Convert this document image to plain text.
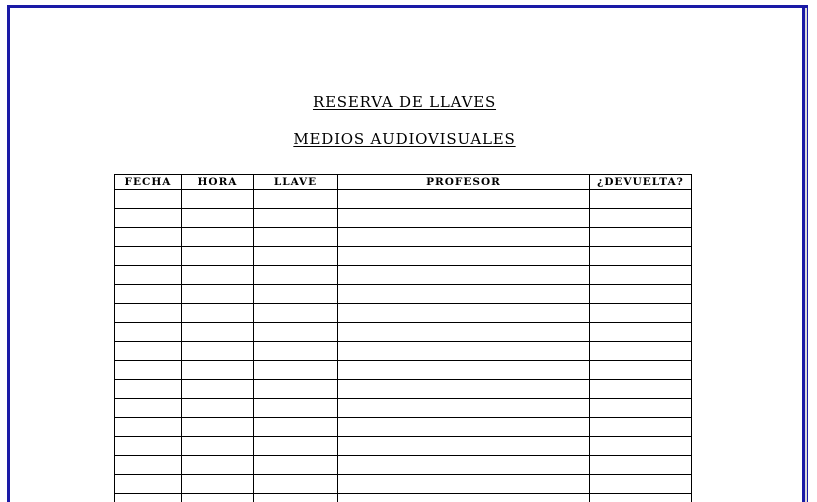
RESERVA DE LLAVES
MEDIOS AUDIOVISUALES
FECHA	HORA	LLAVE	PROFESOR	¿DEVUELTA?
